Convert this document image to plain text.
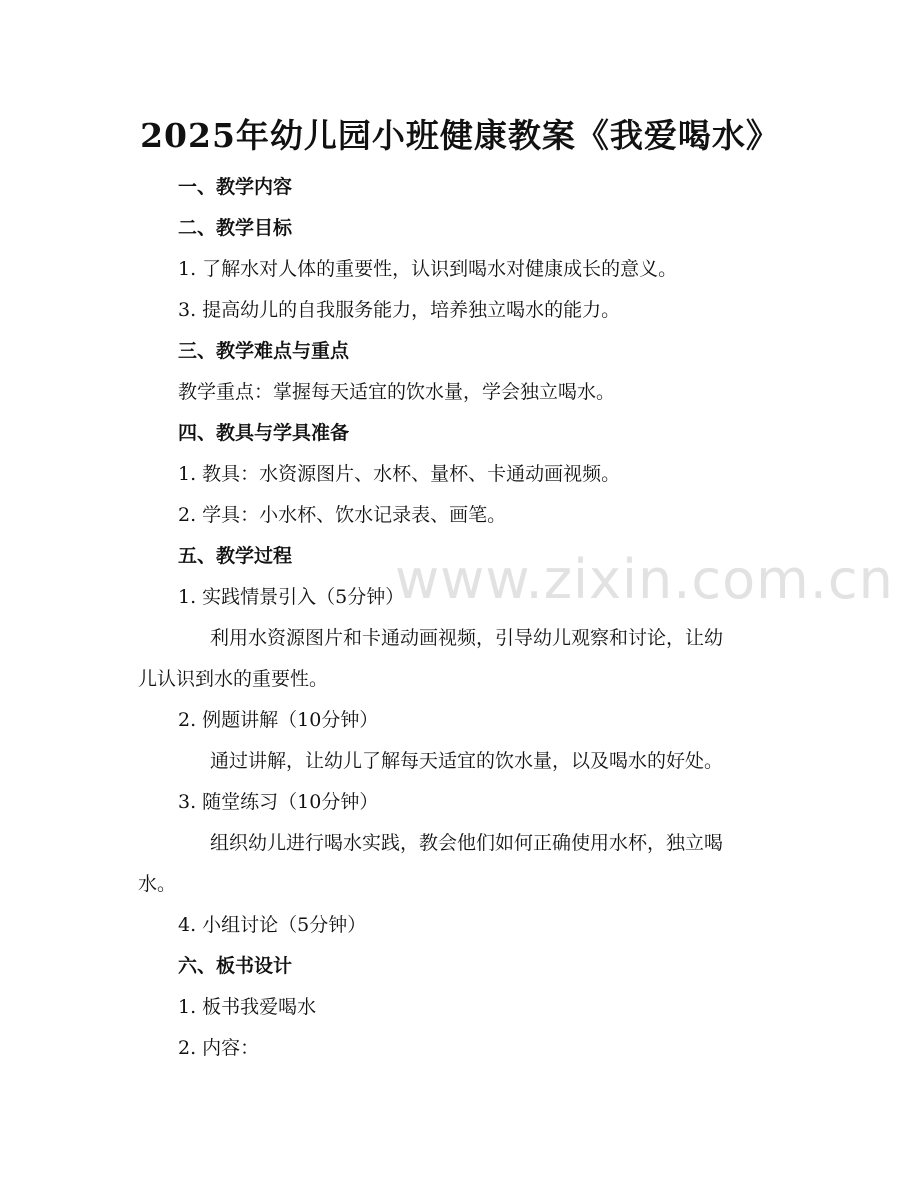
2025年幼儿园小班健康教案《我爱喝水》
一、教学内容
二、教学目标
1. 了解水对人体的重要性，认识到喝水对健康成长的意义。
3. 提高幼儿的自我服务能力，培养独立喝水的能力。
三、教学难点与重点
教学重点：掌握每天适宜的饮水量，学会独立喝水。
四、教具与学具准备
1. 教具：水资源图片、水杯、量杯、卡通动画视频。
2. 学具：小水杯、饮水记录表、画笔。
五、教学过程
1. 实践情景引入（5分钟）
利用水资源图片和卡通动画视频，引导幼儿观察和讨论，让幼
儿认识到水的重要性。
2. 例题讲解（10分钟）
通过讲解，让幼儿了解每天适宜的饮水量，以及喝水的好处。
3. 随堂练习（10分钟）
组织幼儿进行喝水实践，教会他们如何正确使用水杯，独立喝
水。
4. 小组讨论（5分钟）
六、板书设计
1. 板书我爱喝水
2. 内容：
www.zixin.com.cn
